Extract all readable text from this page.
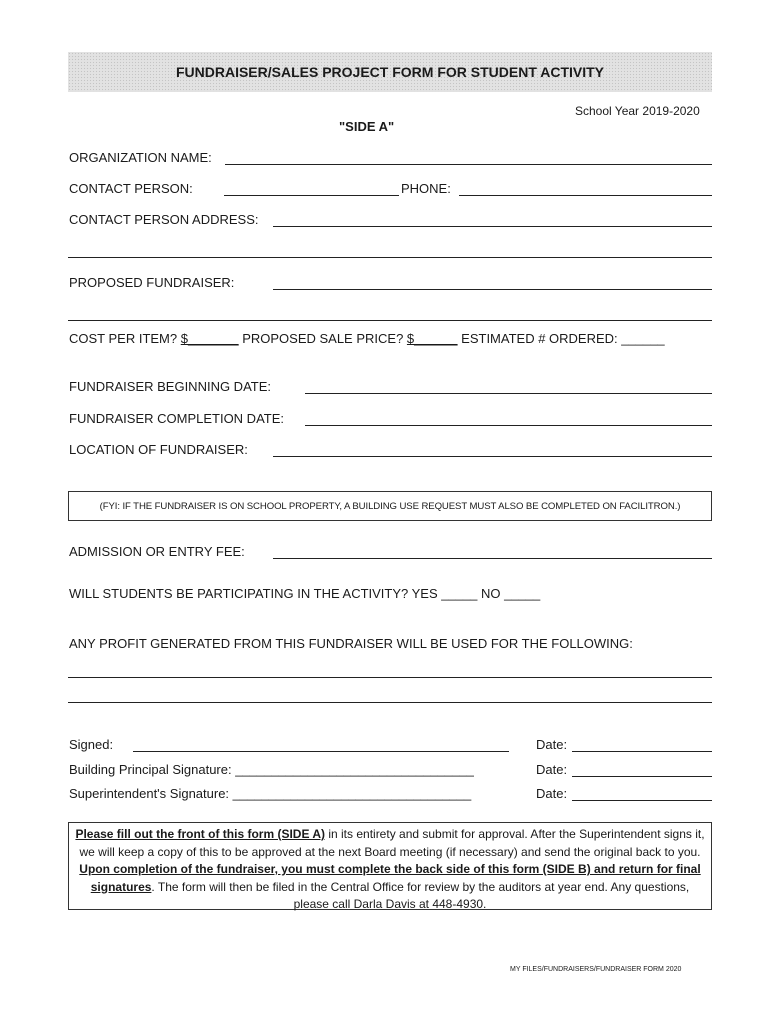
FUNDRAISER/SALES PROJECT FORM FOR STUDENT ACTIVITY
School Year 2019-2020
"SIDE A"
ORGANIZATION NAME:
CONTACT PERSON:	PHONE:
CONTACT PERSON ADDRESS:
PROPOSED FUNDRAISER:
COST PER ITEM? $_______ PROPOSED SALE PRICE? $______ ESTIMATED # ORDERED: ______
FUNDRAISER BEGINNING DATE:
FUNDRAISER COMPLETION DATE:
LOCATION OF FUNDRAISER:
(FYI: IF THE FUNDRAISER IS ON SCHOOL PROPERTY, A BUILDING USE REQUEST MUST ALSO BE COMPLETED ON FACILITRON.)
ADMISSION OR ENTRY FEE:
WILL STUDENTS BE PARTICIPATING IN THE ACTIVITY? YES _____ NO _____
ANY PROFIT GENERATED FROM THIS FUNDRAISER WILL BE USED FOR THE FOLLOWING:
Signed:	Date:
Building Principal Signature: _________________________________	Date:
Superintendent's Signature: _________________________________	Date:
Please fill out the front of this form (SIDE A) in its entirety and submit for approval. After the Superintendent signs it, we will keep a copy of this to be approved at the next Board meeting (if necessary) and send the original back to you. Upon completion of the fundraiser, you must complete the back side of this form (SIDE B) and return for final signatures. The form will then be filed in the Central Office for review by the auditors at year end. Any questions, please call Darla Davis at 448-4930.
MY FILES/FUNDRAISERS/FUNDRAISER FORM 2020
